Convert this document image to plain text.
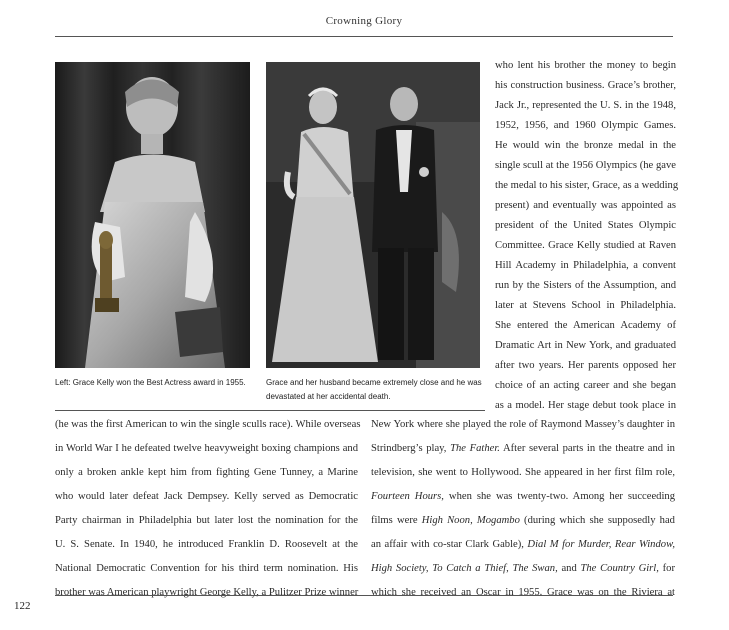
Crowning Glory
Left: Grace Kelly won the Best Actress award in 1955.	Grace and her husband became extremely close and he was
devastated at her accidental death.
who lent his brother the money to begin
his construction business. Grace’s brother,
Jack Jr., represented the U. S. in the 1948,
1952, 1956, and 1960 Olympic Games.
He would win the bronze medal in the
single scull at the 1956 Olympics (he gave
the medal to his sister, Grace, as a wedding
present) and eventually was appointed as
president of the United States Olympic
Committee. Grace Kelly studied at Raven
Hill Academy in Philadelphia, a convent
run by the Sisters of the Assumption, and
later at Stevens School in Philadelphia.
She entered the American Academy of
Dramatic Art in New York, and graduated
after two years. Her parents opposed her
choice of an acting career and she began
as a model. Her stage debut took place in
(he was the first American to win the single sculls race). While overseas
in World War I he defeated twelve heavyweight boxing champions and
only a broken ankle kept him from fighting Gene Tunney, a Marine
who would later defeat Jack Dempsey. Kelly served as Democratic
Party chairman in Philadelphia but later lost the nomination for the
U. S. Senate. In 1940, he introduced Franklin D. Roosevelt at the
National Democratic Convention for his third term nomination. His
brother was American playwright George Kelly, a Pulitzer Prize winner
New York where she played the role of Raymond Massey’s daughter in
Strindberg’s play, The Father. After several parts in the theatre and in
television, she went to Hollywood. She appeared in her first film role,
Fourteen Hours, when she was twenty-two. Among her succeeding
films were High Noon, Mogambo (during which she supposedly had
an affair with co-star Clark Gable), Dial M for Murder, Rear Window,
High Society, To Catch a Thief, The Swan, and The Country Girl, for
which she received an Oscar in 1955. Grace was on the Riviera at
122
